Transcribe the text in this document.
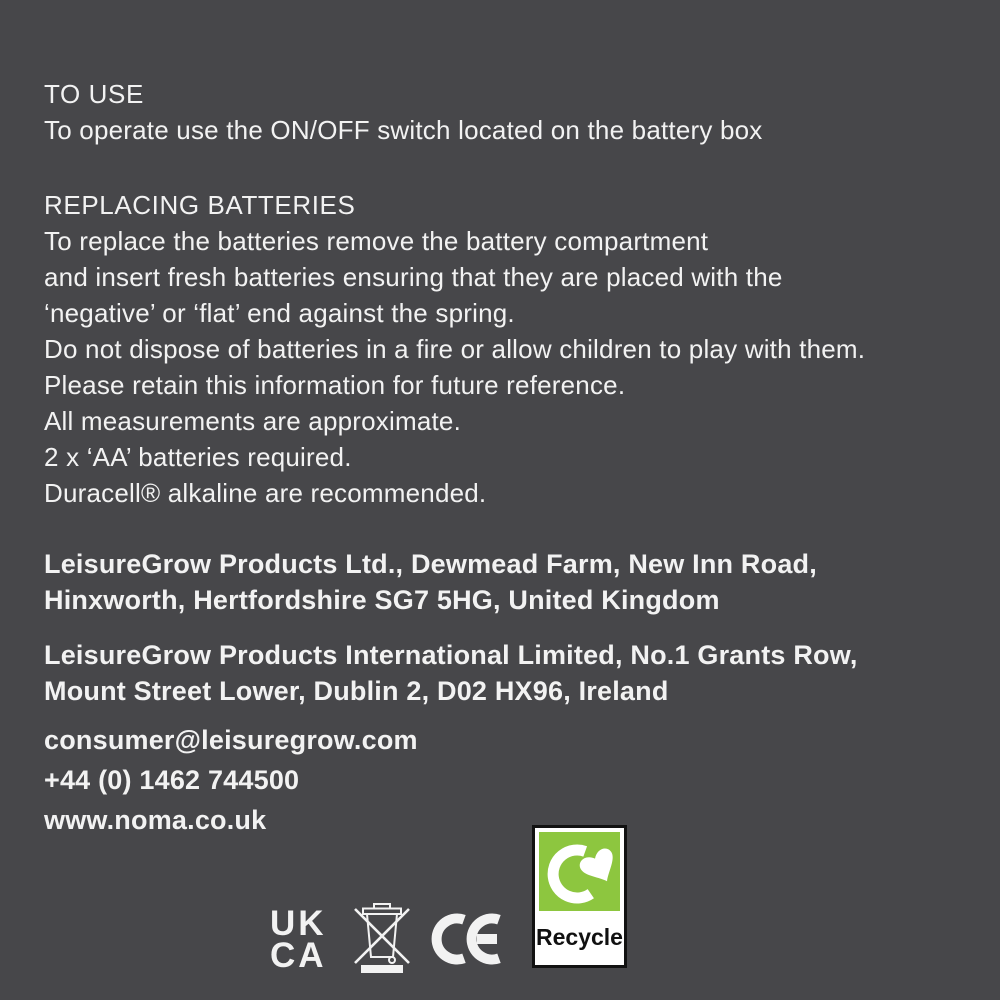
TO USE
To operate use the ON/OFF switch located on the battery box
REPLACING BATTERIES
To replace the batteries remove the battery compartment
and insert fresh batteries ensuring that they are placed with the
‘negative’ or ‘flat’ end against the spring.
Do not dispose of batteries in a fire or allow children to play with them.
Please retain this information for future reference.
All measurements are approximate.
2 x ‘AA’ batteries required.
Duracell® alkaline are recommended.
LeisureGrow Products Ltd., Dewmead Farm, New Inn Road,
Hinxworth, Hertfordshire SG7 5HG, United Kingdom
LeisureGrow Products International Limited, No.1 Grants Row,
Mount Street Lower, Dublin 2, D02 HX96, Ireland
consumer@leisuregrow.com
+44 (0) 1462 744500
www.noma.co.uk
UK
CA	Recycle
